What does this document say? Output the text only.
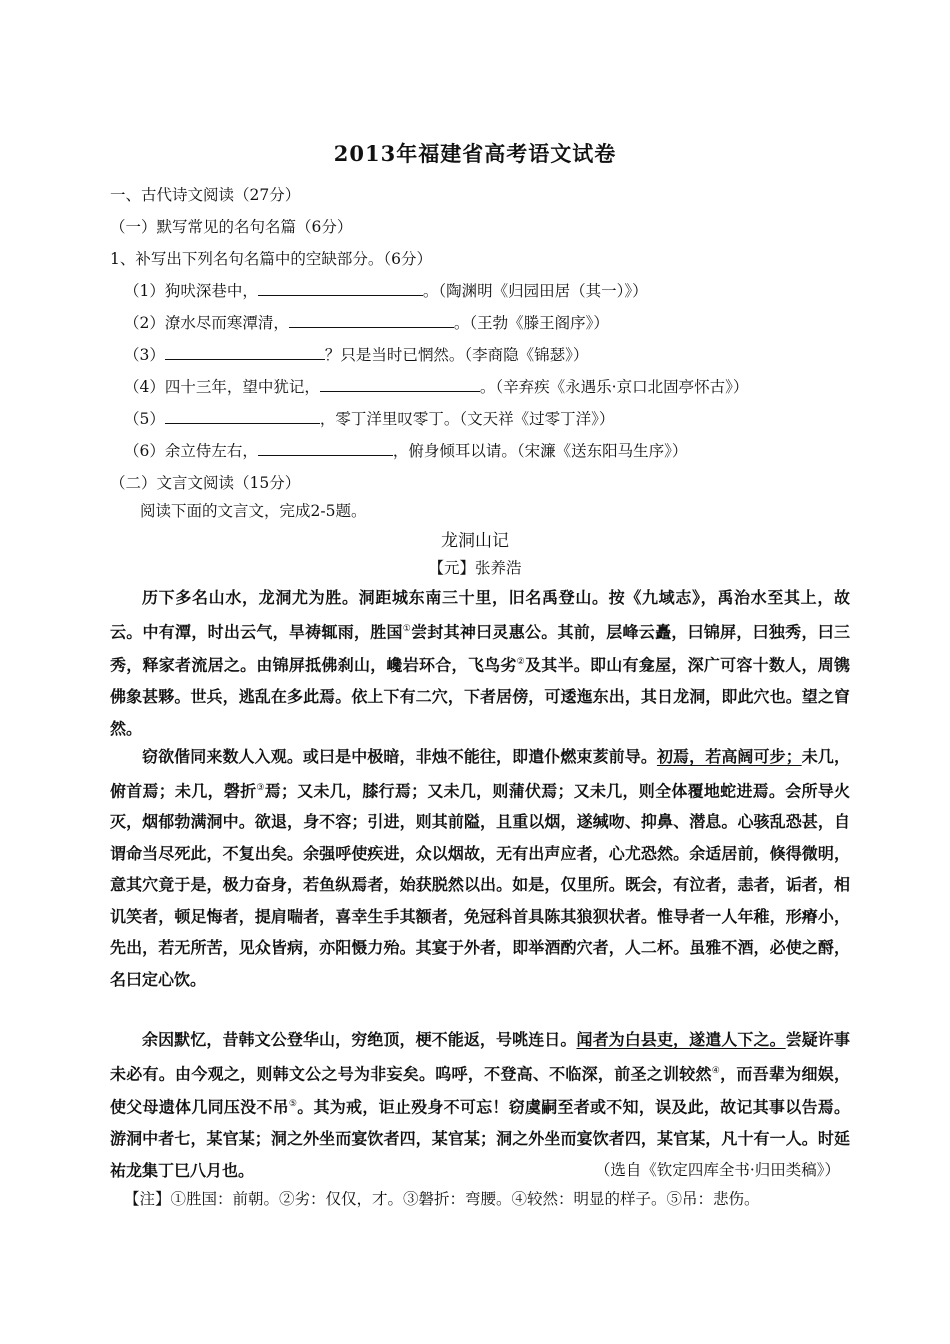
2013年福建省高考语文试卷
一、古代诗文阅读（27分）
（一）默写常见的名句名篇（6分）
1、补写出下列名句名篇中的空缺部分。（6分）
（1）狗吠深巷中，	。（陶渊明《归园田居（其一）》）
（2）潦水尽而寒潭清，	。（王勃《滕王阁序》）
（3）	？只是当时已惘然。（李商隐《锦瑟》）
（4）四十三年，望中犹记，	。（辛弃疾《永遇乐·京口北固亭怀古》）
（5）	，零丁洋里叹零丁。（文天祥《过零丁洋》）
（6）余立侍左右，	，俯身倾耳以请。（宋濂《送东阳马生序》）
（二）文言文阅读（15分）
阅读下面的文言文，完成2-5题。
龙洞山记
【元】张养浩
历下多名山水，龙洞尤为胜。洞距城东南三十里，旧名禹登山。按《九域志》，禹治水至其上，故云。中有潭，时出云气，旱祷辄雨，胜国①尝封其神曰灵惠公。其前，层峰云矗，曰锦屏，曰独秀，曰三秀，释家者流居之。由锦屏抵佛刹山，巉岩环合，飞鸟劣②及其半。即山有龛屋，深广可容十数人，周镌佛象甚夥。世兵，逃乱在多此焉。依上下有二穴，下者居傍，可逶迤东出，其日龙洞，即此穴也。望之窅然。
窃欲偕同来数人入观。或曰是中极暗，非烛不能往，即遣仆燃束荄前导。初焉，若高阔可步；未几，俯首焉；未几，磬折③焉；又未几，膝行焉；又未几，则蒲伏焉；又未几，则全体覆地蛇进焉。会所导火灭，烟郁勃满洞中。欲退，身不容；引进，则其前隘，且重以烟，遂缄吻、抑鼻、潜息。心骇乱恐甚，自谓命当尽死此，不复出矣。余强呼使疾进，众以烟故，无有出声应者，心尤恐然。余适居前，倏得微明，意其穴竟于是，极力奋身，若鱼纵焉者，始获脱然以出。如是，仅里所。既会，有泣者，恚者，诟者，相讥笑者，顿足悔者，提肩喘者，喜幸生手其额者，免冠科首具陈其狼狈状者。惟导者一人年稚，形瘠小，先出，若无所苦，见众皆病，亦阳慑力殆。其宴于外者，即举酒酌穴者，人二杯。虽雅不酒，必使之酹，名曰定心饮。
余因默忆，昔韩文公登华山，穷绝顶，梗不能返，号咷连日。闻者为白县吏，遂遣人下之。尝疑许事未必有。由今观之，则韩文公之号为非妄矣。呜呼，不登高、不临深，前圣之训较然④，而吾辈为细娱，使父母遗体几同压没不吊⑤。其为戒，讵止殁身不可忘！窃虞嗣至者或不知，误及此，故记其事以告焉。游洞中者七，某官某；洞之外坐而宴饮者四，某官某；洞之外坐而宴饮者四，某官某，凡十有一人。时延祐龙集丁巳八月也。	（选自《钦定四库全书·归田类稿》）
【注】①胜国：前朝。②劣：仅仅，才。③磐折：弯腰。④较然：明显的样子。⑤吊：悲伤。
